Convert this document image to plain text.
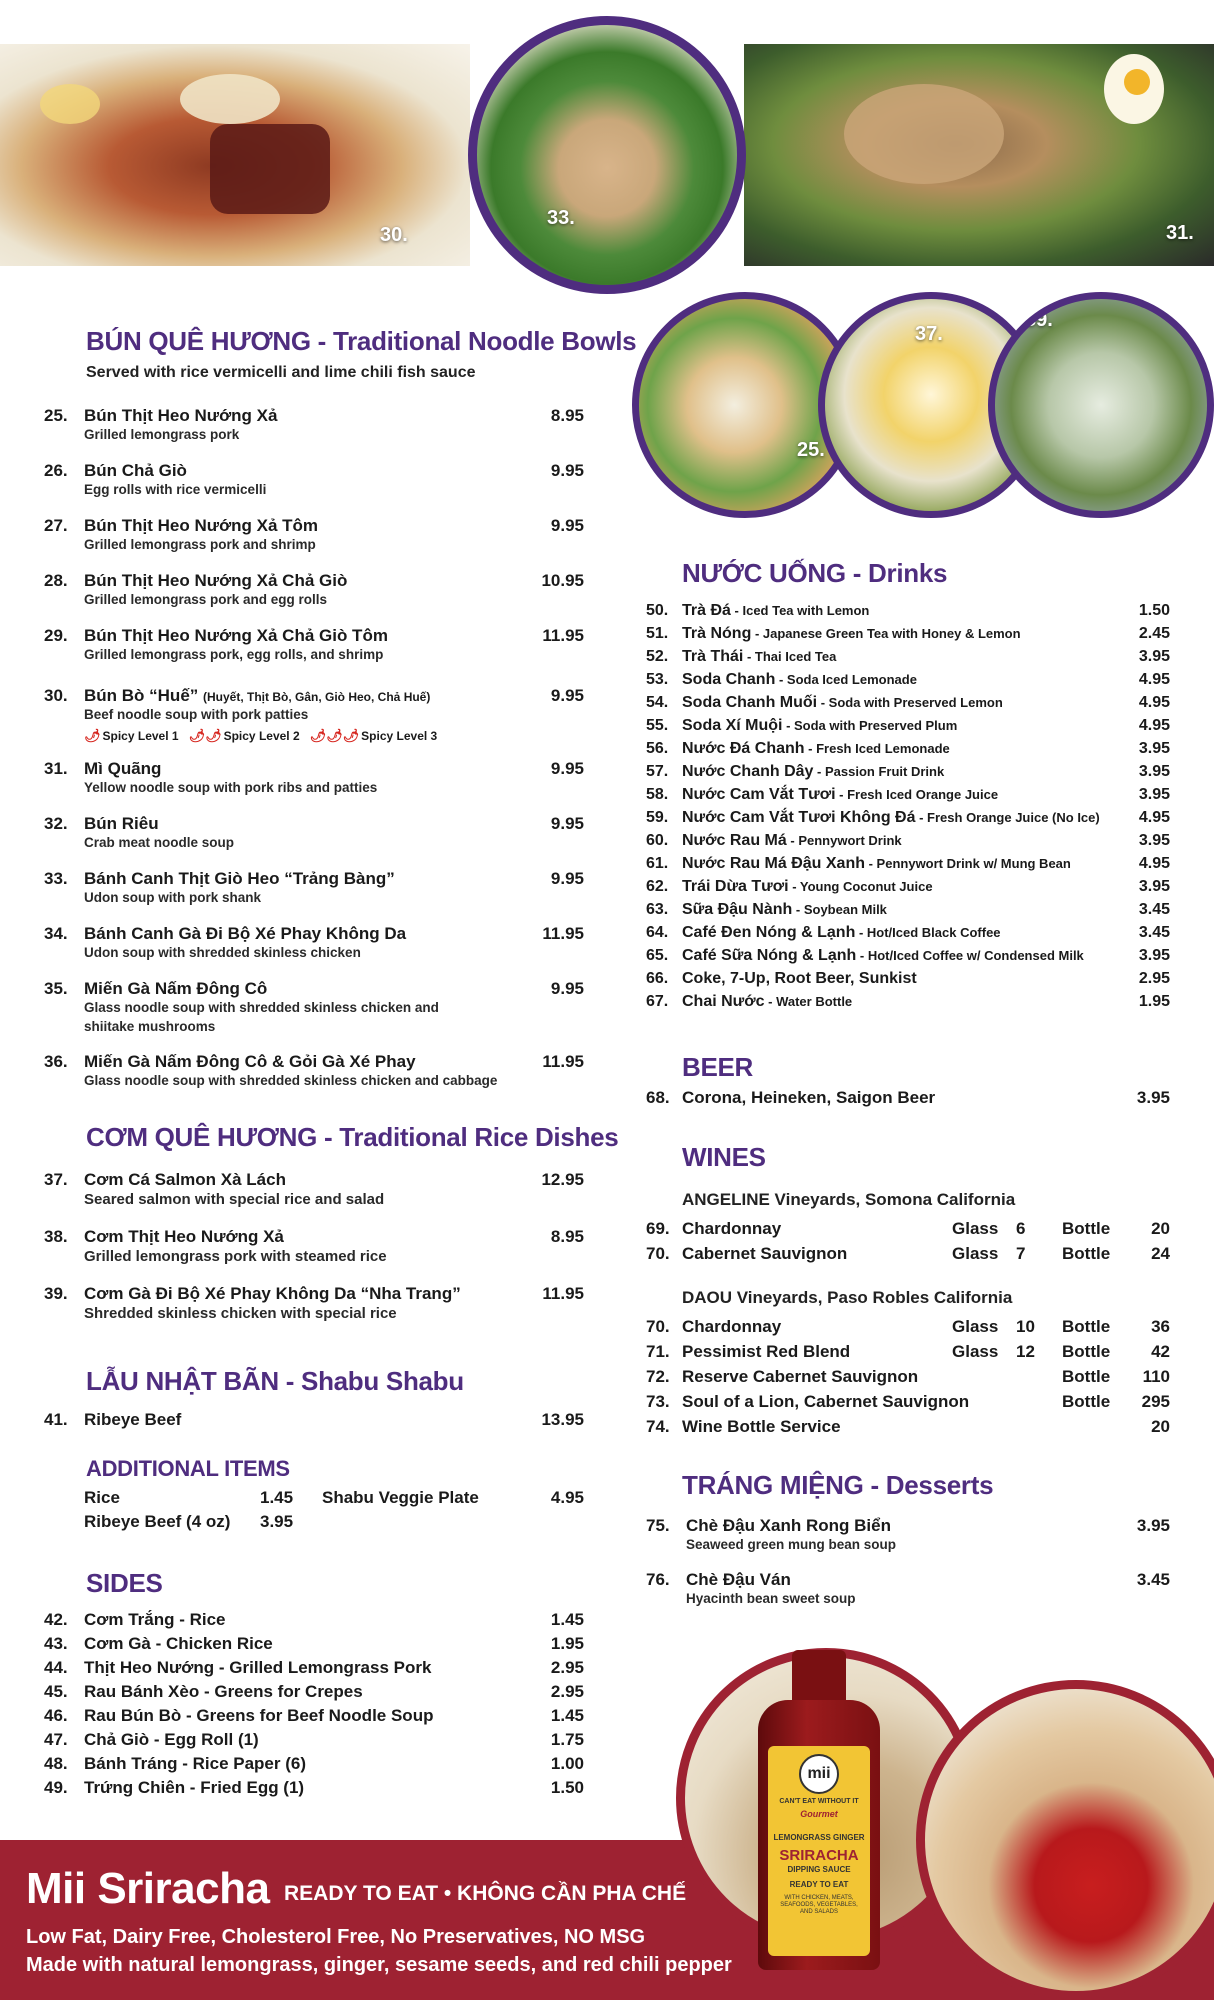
30.	31.
33.
25.
37.
39.
BÚN QUÊ HƯƠNG - Traditional Noodle Bowls
Served with rice vermicelli and lime chili fish sauce
25. Bún Thịt Heo Nướng Xả
Grilled lemongrass pork
8.95
26. Bún Chả Giò
Egg rolls with rice vermicelli
9.95
27. Bún Thịt Heo Nướng Xả Tôm
Grilled lemongrass pork and shrimp
9.95
28. Bún Thịt Heo Nướng Xả Chả Giò
Grilled lemongrass pork and egg rolls
10.95
29. Bún Thịt Heo Nướng Xả Chả Giò Tôm
Grilled lemongrass pork, egg rolls, and shrimp
11.95
30. Bún Bò “Huế” (Huyết, Thịt Bò, Gân, Giò Heo, Chả Huế)
Beef noodle soup with pork patties
🌶 Spicy Level 1 🌶🌶 Spicy Level 2 🌶🌶🌶 Spicy Level 3
9.95
31. Mì Quãng
Yellow noodle soup with pork ribs and patties
9.95
32. Bún Riêu
Crab meat noodle soup
9.95
33. Bánh Canh Thịt Giò Heo “Trảng Bàng”
Udon soup with pork shank
9.95
34. Bánh Canh Gà Đi Bộ Xé Phay Không Da
Udon soup with shredded skinless chicken
11.95
35. Miến Gà Nấm Đông Cô
Glass noodle soup with shredded skinless chicken and
shiitake mushrooms
9.95
36. Miến Gà Nấm Đông Cô & Gỏi Gà Xé Phay
Glass noodle soup with shredded skinless chicken and cabbage
11.95
CƠM QUÊ HƯƠNG - Traditional Rice Dishes
37. Cơm Cá Salmon Xà Lách
Seared salmon with special rice and salad
12.95
38. Cơm Thịt Heo Nướng Xả
Grilled lemongrass pork with steamed rice
8.95
39. Cơm Gà Đi Bộ Xé Phay Không Da “Nha Trang”
Shredded skinless chicken with special rice
11.95
LẪU NHẬT BÃN - Shabu Shabu
41. Ribeye Beef	13.95
ADDITIONAL ITEMS
Rice	1.45 Shabu Veggie Plate	4.95
Ribeye Beef (4 oz) 3.95
SIDES
42. Cơm Trắng - Rice	1.45
43. Cơm Gà - Chicken Rice	1.95
44. Thịt Heo Nướng - Grilled Lemongrass Pork	2.95
45. Rau Bánh Xèo - Greens for Crepes	2.95
46. Rau Bún Bò - Greens for Beef Noodle Soup	1.45
47. Chả Giò - Egg Roll (1)	1.75
48. Bánh Tráng - Rice Paper (6)	1.00
49. Trứng Chiên - Fried Egg (1)	1.50
NƯỚC UỐNG - Drinks
50. Trà Đá - Iced Tea with Lemon	1.50
51. Trà Nóng - Japanese Green Tea with Honey & Lemon	2.45
52. Trà Thái - Thai Iced Tea	3.95
53. Soda Chanh - Soda Iced Lemonade	4.95
54. Soda Chanh Muối - Soda with Preserved Lemon	4.95
55. Soda Xí Muội - Soda with Preserved Plum	4.95
56. Nước Đá Chanh - Fresh Iced Lemonade	3.95
57. Nước Chanh Dây - Passion Fruit Drink	3.95
58. Nước Cam Vắt Tươi - Fresh Iced Orange Juice	3.95
59. Nước Cam Vắt Tươi Không Đá - Fresh Orange Juice (No Ice) 4.95
60. Nước Rau Má - Pennywort Drink	3.95
61. Nước Rau Má Đậu Xanh - Pennywort Drink w/ Mung Bean	4.95
62. Trái Dừa Tươi - Young Coconut Juice	3.95
63. Sữa Đậu Nành - Soybean Milk	3.45
64. Café Đen Nóng & Lạnh - Hot/Iced Black Coffee	3.45
65. Café Sữa Nóng & Lạnh - Hot/Iced Coffee w/ Condensed Milk	3.95
66. Coke, 7-Up, Root Beer, Sunkist	2.95
67. Chai Nước - Water Bottle	1.95
BEER
68. Corona, Heineken, Saigon Beer	3.95
WINES
ANGELINE Vineyards, Somona California
69. Chardonnay	Glass 6 Bottle 20
70. Cabernet Sauvignon	Glass 7 Bottle 24
DAOU Vineyards, Paso Robles California
70. Chardonnay	Glass 10 Bottle 36
71. Pessimist Red Blend	Glass 12 Bottle 42
72. Reserve Cabernet Sauvignon	Bottle 110
73. Soul of a Lion, Cabernet Sauvignon	Bottle 295
74. Wine Bottle Service	20
TRÁNG MIỆNG - Desserts
75. Chè Đậu Xanh Rong Biển
Seaweed green mung bean soup
3.95
76. Chè Đậu Ván
Hyacinth bean sweet soup
3.45
Mii Sriracha READY TO EAT • KHÔNG CẦN PHA CHẾ
Low Fat, Dairy Free, Cholesterol Free, No Preservatives, NO MSG
Made with natural lemongrass, ginger, sesame seeds, and red chili pepper
mii
CAN'T EAT WITHOUT IT
Gourmet
LEMONGRASS GINGER
SRIRACHA
DIPPING SAUCE
READY TO EAT
WITH CHICKEN, MEATS, SEAFOODS, VEGETABLES, AND SALADS
